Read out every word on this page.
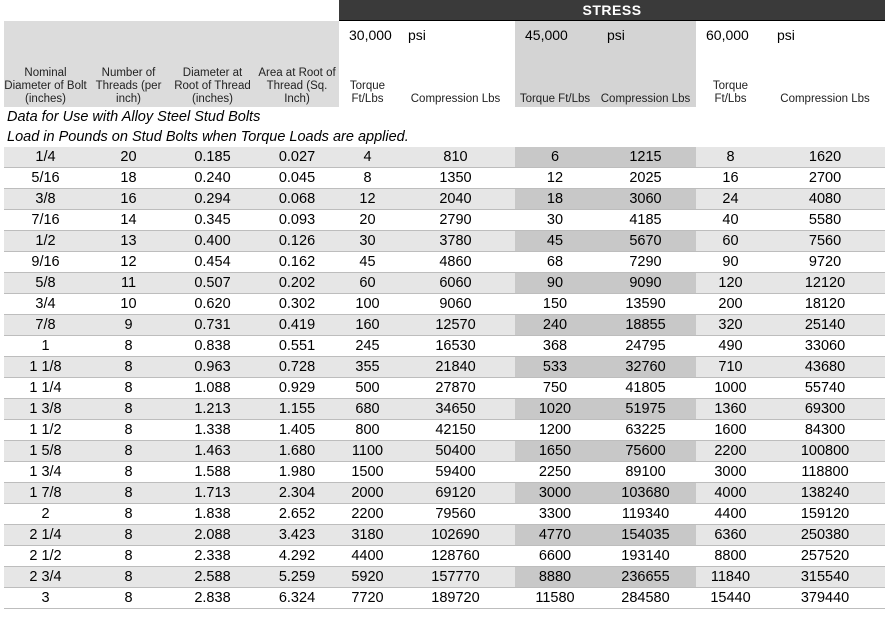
				STRESS					
				30,000	psi	45,000	psi	60,000	psi
Nominal Diameter of Bolt (inches)	Number of Threads (per inch)	Diameter at Root of Thread (inches)	Area at Root of Thread (Sq. Inch)	Torque Ft/Lbs	Compression Lbs	Torque Ft/Lbs	Compression Lbs	Torque Ft/Lbs	Compression Lbs
Data for Use with Alloy Steel Stud Bolts									
Load in Pounds on Stud Bolts when Torque Loads are applied.									
1/4	20	0.185	0.027	4	810	6	1215	8	1620
5/16	18	0.240	0.045	8	1350	12	2025	16	2700
3/8	16	0.294	0.068	12	2040	18	3060	24	4080
7/16	14	0.345	0.093	20	2790	30	4185	40	5580
1/2	13	0.400	0.126	30	3780	45	5670	60	7560
9/16	12	0.454	0.162	45	4860	68	7290	90	9720
5/8	11	0.507	0.202	60	6060	90	9090	120	12120
3/4	10	0.620	0.302	100	9060	150	13590	200	18120
7/8	9	0.731	0.419	160	12570	240	18855	320	25140
1	8	0.838	0.551	245	16530	368	24795	490	33060
1 1/8	8	0.963	0.728	355	21840	533	32760	710	43680
1 1/4	8	1.088	0.929	500	27870	750	41805	1000	55740
1 3/8	8	1.213	1.155	680	34650	1020	51975	1360	69300
1 1/2	8	1.338	1.405	800	42150	1200	63225	1600	84300
1 5/8	8	1.463	1.680	1100	50400	1650	75600	2200	100800
1 3/4	8	1.588	1.980	1500	59400	2250	89100	3000	118800
1 7/8	8	1.713	2.304	2000	69120	3000	103680	4000	138240
2	8	1.838	2.652	2200	79560	3300	119340	4400	159120
2 1/4	8	2.088	3.423	3180	102690	4770	154035	6360	250380
2 1/2	8	2.338	4.292	4400	128760	6600	193140	8800	257520
2 3/4	8	2.588	5.259	5920	157770	8880	236655	11840	315540
3	8	2.838	6.324	7720	189720	11580	284580	15440	379440
